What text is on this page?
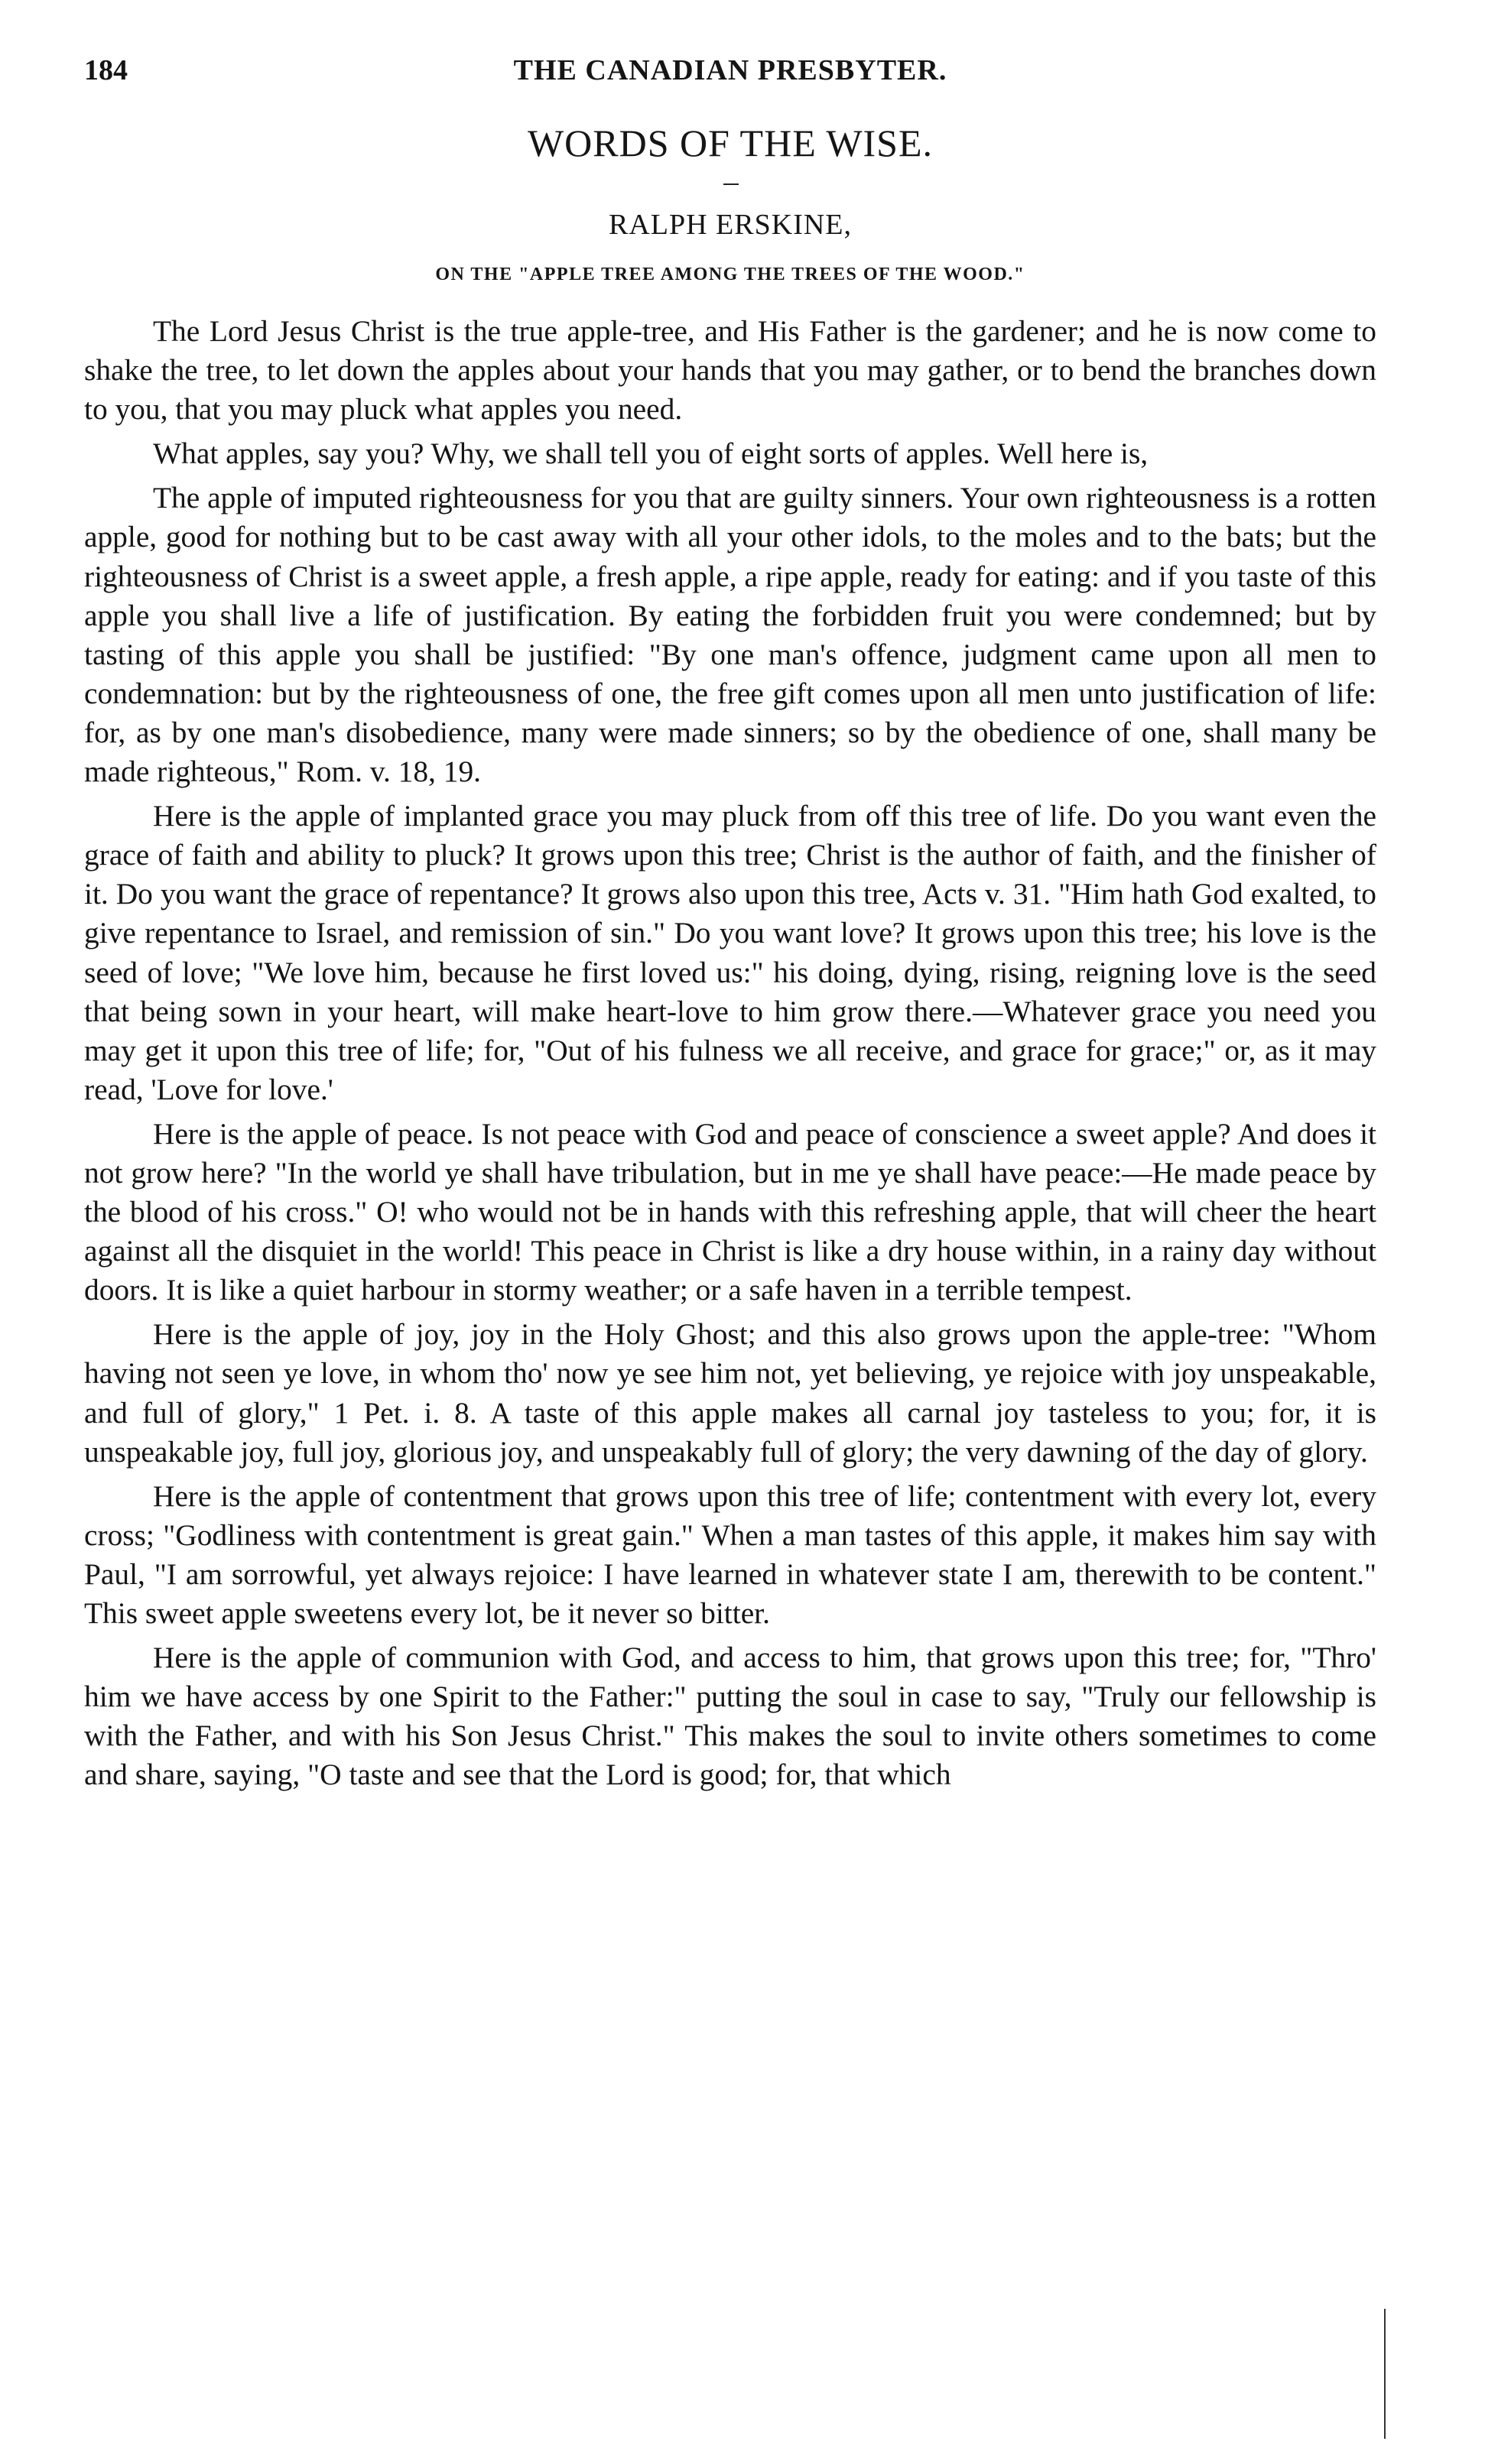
184	THE CANADIAN PRESBYTER.
WORDS OF THE WISE.
RALPH ERSKINE,
ON THE "APPLE TREE AMONG THE TREES OF THE WOOD."

The Lord Jesus Christ is the true apple-tree, and His Father is the gardener; and he is now come to shake the tree, to let down the apples about your hands that you may gather, or to bend the branches down to you, that you may pluck what apples you need.

What apples, say you? Why, we shall tell you of eight sorts of apples. Well here is,

The apple of imputed righteousness for you that are guilty sinners. Your own righteousness is a rotten apple, good for nothing but to be cast away with all your other idols, to the moles and to the bats; but the righteousness of Christ is a sweet apple, a fresh apple, a ripe apple, ready for eating: and if you taste of this apple you shall live a life of justification. By eating the forbidden fruit you were condemned; but by tasting of this apple you shall be justified: "By one man's offence, judgment came upon all men to condemnation: but by the righteousness of one, the free gift comes upon all men unto justification of life: for, as by one man's disobedience, many were made sinners; so by the obedience of one, shall many be made righteous," Rom. v. 18, 19.

Here is the apple of implanted grace you may pluck from off this tree of life. Do you want even the grace of faith and ability to pluck? It grows upon this tree; Christ is the author of faith, and the finisher of it. Do you want the grace of repentance? It grows also upon this tree, Acts v. 31. "Him hath God exalted, to give repentance to Israel, and remission of sin." Do you want love? It grows upon this tree; his love is the seed of love; "We love him, because he first loved us:" his doing, dying, rising, reigning love is the seed that being sown in your heart, will make heart-love to him grow there.—Whatever grace you need you may get it upon this tree of life; for, "Out of his fulness we all receive, and grace for grace;" or, as it may read, 'Love for love.'

Here is the apple of peace. Is not peace with God and peace of conscience a sweet apple? And does it not grow here? "In the world ye shall have tribulation, but in me ye shall have peace:—He made peace by the blood of his cross." O! who would not be in hands with this refreshing apple, that will cheer the heart against all the disquiet in the world! This peace in Christ is like a dry house within, in a rainy day without doors. It is like a quiet harbour in stormy weather; or a safe haven in a terrible tempest.

Here is the apple of joy, joy in the Holy Ghost; and this also grows upon the apple-tree: "Whom having not seen ye love, in whom tho' now ye see him not, yet believing, ye rejoice with joy unspeakable, and full of glory," 1 Pet. i. 8. A taste of this apple makes all carnal joy tasteless to you; for, it is unspeakable joy, full joy, glorious joy, and unspeakably full of glory; the very dawning of the day of glory.

Here is the apple of contentment that grows upon this tree of life; contentment with every lot, every cross; "Godliness with contentment is great gain." When a man tastes of this apple, it makes him say with Paul, "I am sorrowful, yet always rejoice: I have learned in whatever state I am, therewith to be content." This sweet apple sweetens every lot, be it never so bitter.

Here is the apple of communion with God, and access to him, that grows upon this tree; for, "Thro' him we have access by one Spirit to the Father:" putting the soul in case to say, "Truly our fellowship is with the Father, and with his Son Jesus Christ." This makes the soul to invite others sometimes to come and share, saying, "O taste and see that the Lord is good; for, that which
